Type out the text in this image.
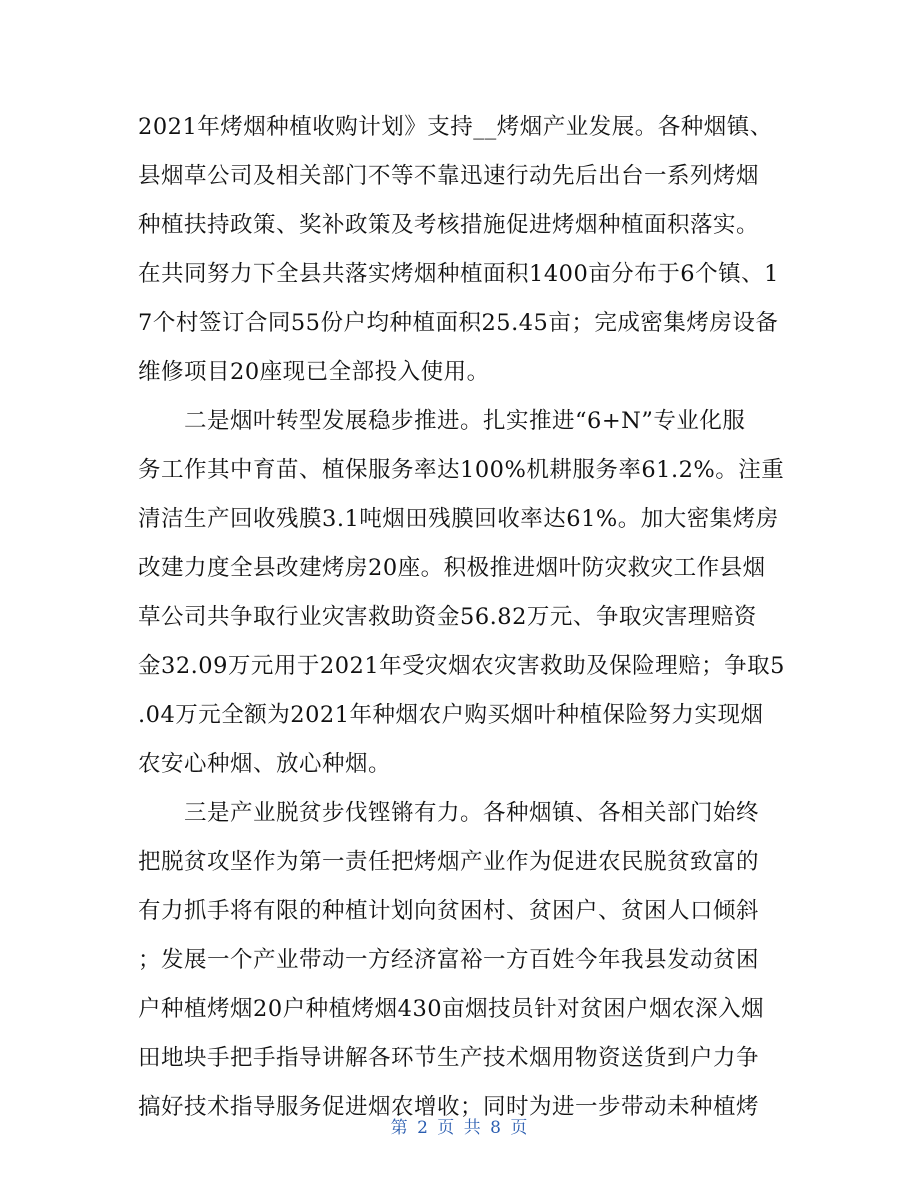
2021年烤烟种植收购计划》支持__烤烟产业发展。各种烟镇、
县烟草公司及相关部门不等不靠迅速行动先后出台一系列烤烟
种植扶持政策、奖补政策及考核措施促进烤烟种植面积落实。
在共同努力下全县共落实烤烟种植面积1400亩分布于6个镇、1
7个村签订合同55份户均种植面积25.45亩；完成密集烤房设备
维修项目20座现已全部投入使用。
　　二是烟叶转型发展稳步推进。扎实推进“6+N”专业化服
务工作其中育苗、植保服务率达100%机耕服务率61.2%。注重
清洁生产回收残膜3.1吨烟田残膜回收率达61%。加大密集烤房
改建力度全县改建烤房20座。积极推进烟叶防灾救灾工作县烟
草公司共争取行业灾害救助资金56.82万元、争取灾害理赔资
金32.09万元用于2021年受灾烟农灾害救助及保险理赔；争取5
.04万元全额为2021年种烟农户购买烟叶种植保险努力实现烟
农安心种烟、放心种烟。
　　三是产业脱贫步伐铿锵有力。各种烟镇、各相关部门始终
把脱贫攻坚作为第一责任把烤烟产业作为促进农民脱贫致富的
有力抓手将有限的种植计划向贫困村、贫困户、贫困人口倾斜
；发展一个产业带动一方经济富裕一方百姓今年我县发动贫困
户种植烤烟20户种植烤烟430亩烟技员针对贫困户烟农深入烟
田地块手把手指导讲解各环节生产技术烟用物资送货到户力争
搞好技术指导服务促进烟农增收；同时为进一步带动未种植烤
第 2 页 共 8 页
